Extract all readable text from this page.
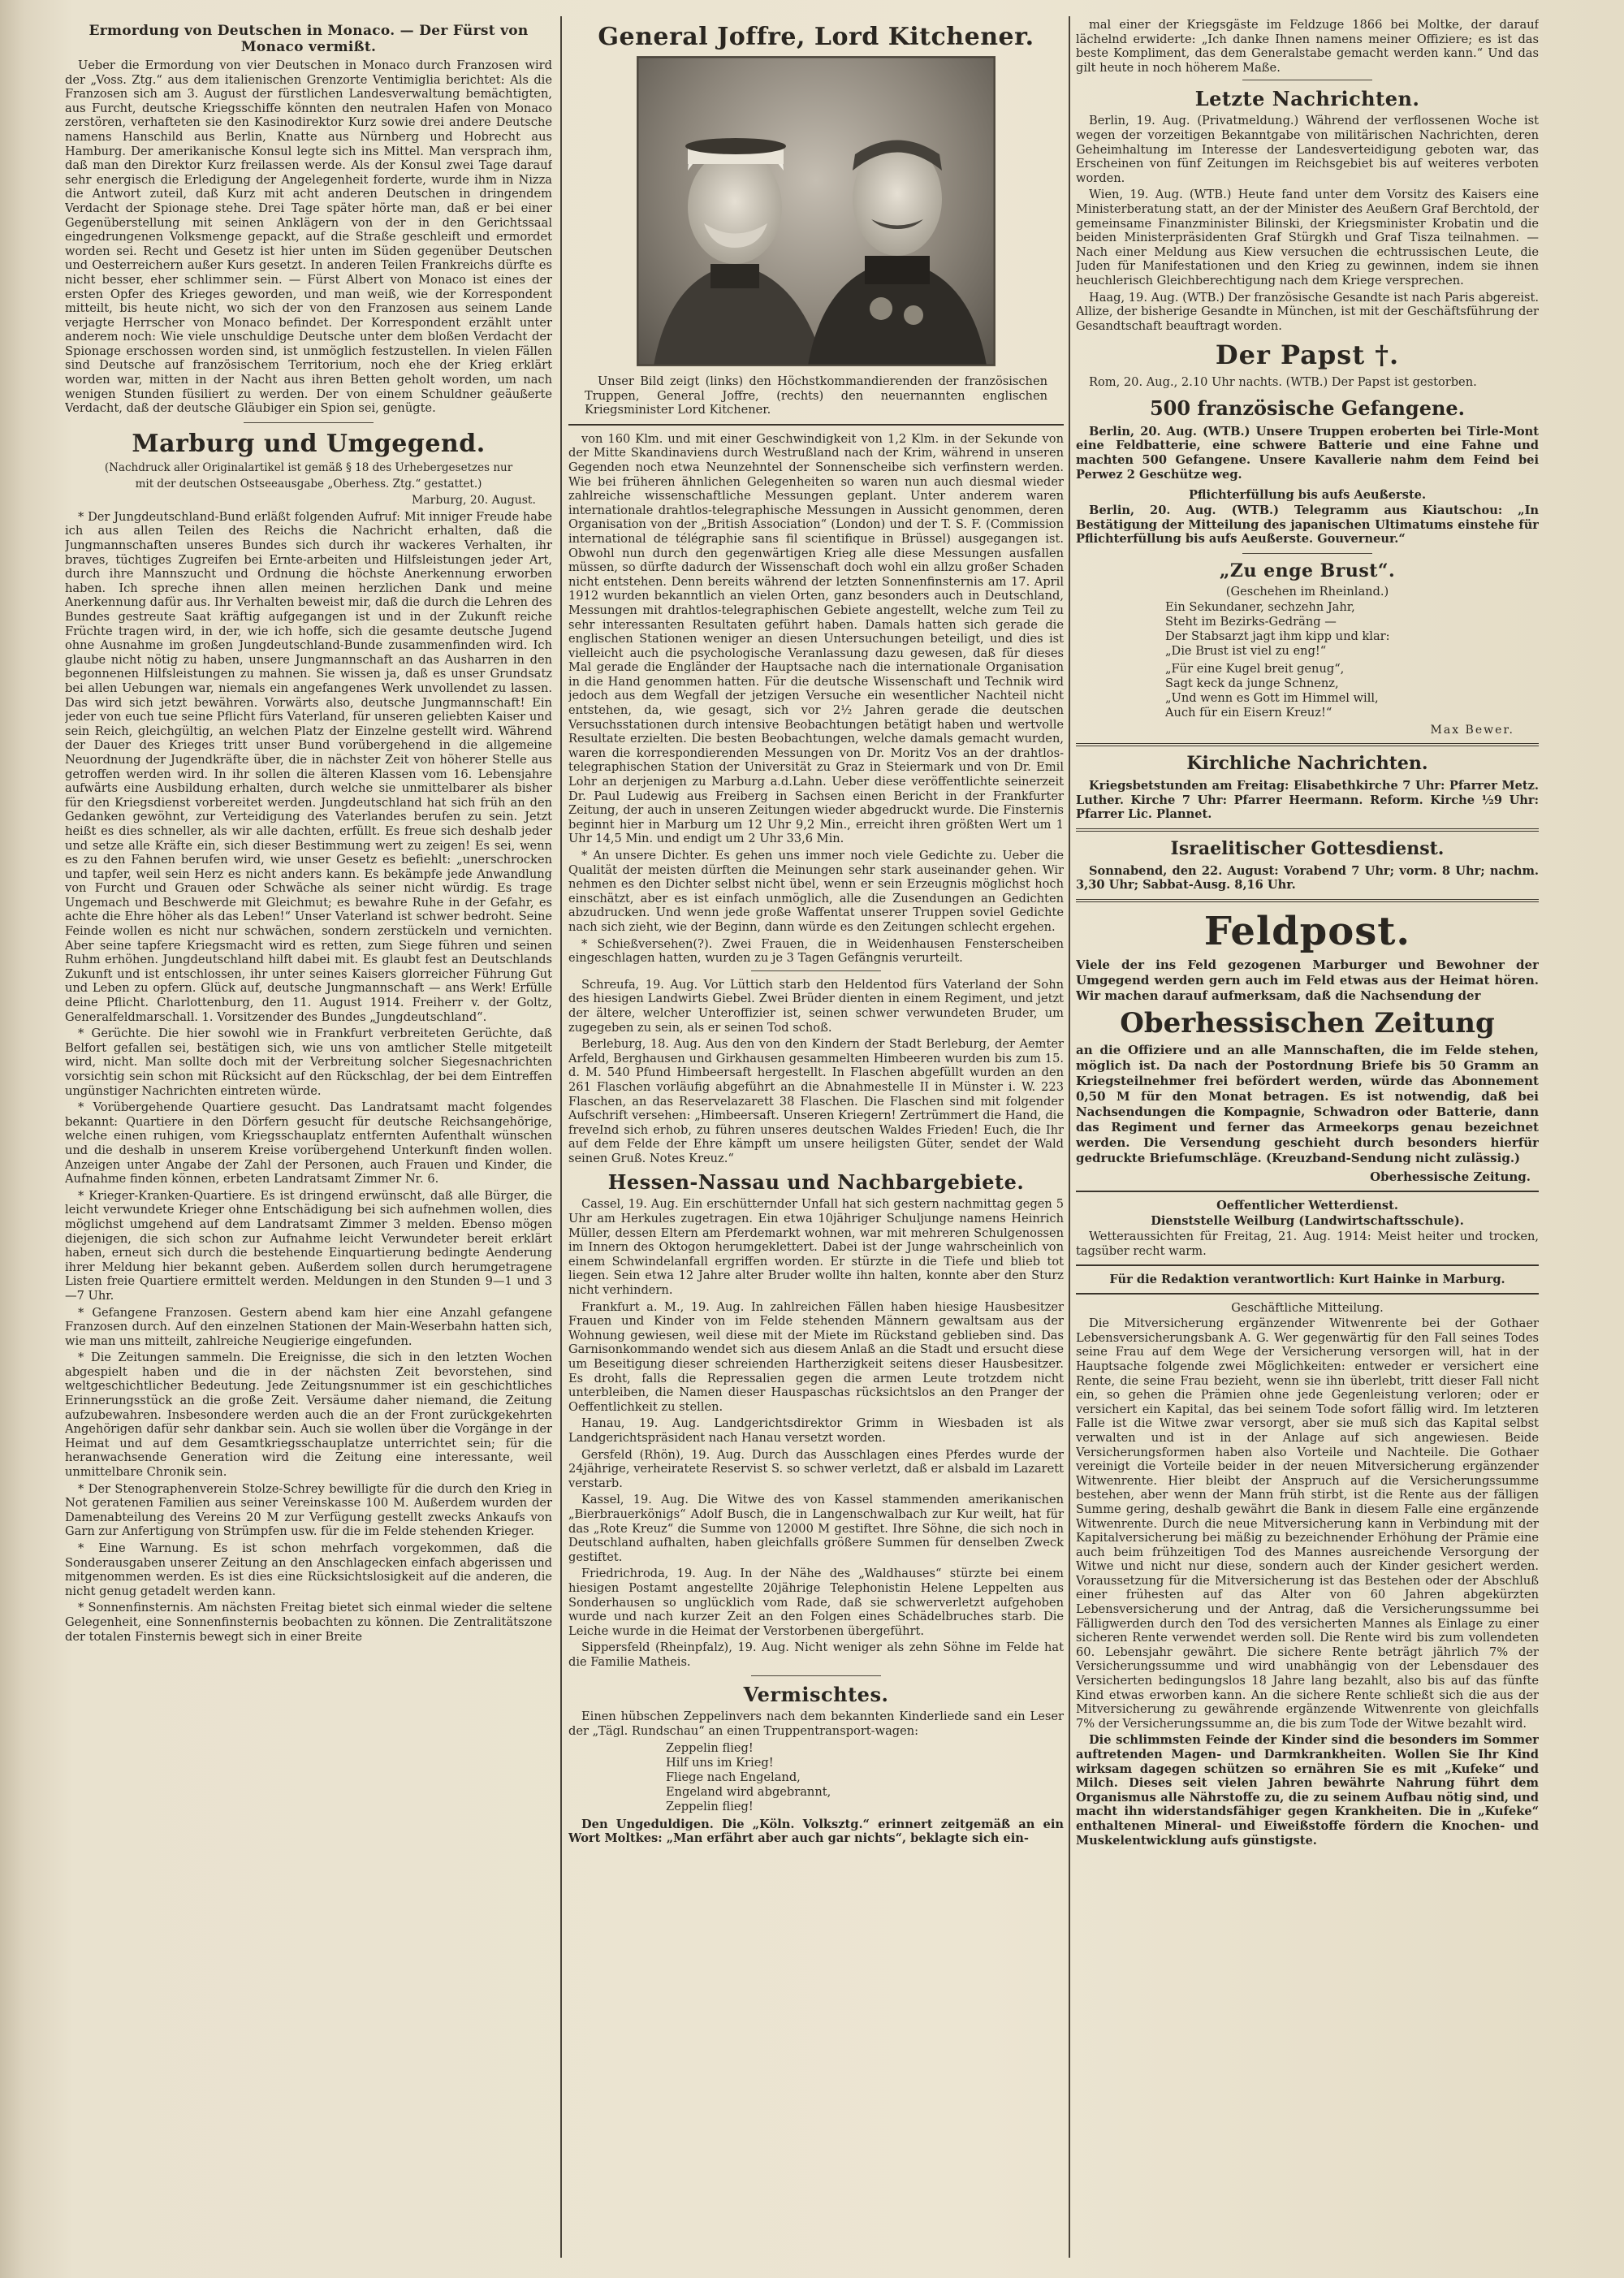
Ermordung von Deutschen in Monaco. — Der Fürst von Monaco vermißt.

Ueber die Ermordung von vier Deutschen in Monaco durch Franzosen wird der „Voss. Ztg.“ aus dem italienischen Grenzorte Ventimiglia berichtet: Als die Franzosen sich am 3. August der fürstlichen Landesverwaltung bemächtigten, aus Furcht, deutsche Kriegsschiffe könnten den neutralen Hafen von Monaco zerstören, verhafteten sie den Kasinodirektor Kurz sowie drei andere Deutsche namens Hanschild aus Berlin, Knatte aus Nürnberg und Hobrecht aus Hamburg. Der amerikanische Konsul legte sich ins Mittel. Man versprach ihm, daß man den Direktor Kurz freilassen werde. Als der Konsul zwei Tage darauf sehr energisch die Erledigung der Angelegenheit forderte, wurde ihm in Nizza die Antwort zuteil, daß Kurz mit acht anderen Deutschen in dringendem Verdacht der Spionage stehe. Drei Tage später hörte man, daß er bei einer Gegenüberstellung mit seinen Anklägern von der in den Gerichtssaal eingedrungenen Volksmenge gepackt, auf die Straße geschleift und ermordet worden sei. Recht und Gesetz ist hier unten im Süden gegenüber Deutschen und Oesterreichern außer Kurs gesetzt. In anderen Teilen Frankreichs dürfte es nicht besser, eher schlimmer sein. — Fürst Albert von Monaco ist eines der ersten Opfer des Krieges geworden, und man weiß, wie der Korrespondent mitteilt, bis heute nicht, wo sich der von den Franzosen aus seinem Lande verjagte Herrscher von Monaco befindet. Der Korrespondent erzählt unter anderem noch: Wie viele unschuldige Deutsche unter dem bloßen Verdacht der Spionage erschossen worden sind, ist unmöglich festzustellen. In vielen Fällen sind Deutsche auf französischem Territorium, noch ehe der Krieg erklärt worden war, mitten in der Nacht aus ihren Betten geholt worden, um nach wenigen Stunden füsiliert zu werden. Der von einem Schuldner geäußerte Verdacht, daß der deutsche Gläubiger ein Spion sei, genügte.

Marburg und Umgegend.
(Nachdruck aller Originalartikel ist gemäß § 18 des Urhebergesetzes nur
mit der deutschen Ostseeausgabe „Oberhess. Ztg.“ gestattet.)
Marburg, 20. August.

* Der Jungdeutschland-Bund erläßt folgenden Aufruf: Mit inniger Freude habe ich aus allen Teilen des Reichs die Nachricht erhalten, daß die Jungmannschaften unseres Bundes sich durch ihr wackeres Verhalten, ihr braves, tüchtiges Zugreifen bei Ernte-arbeiten und Hilfsleistungen jeder Art, durch ihre Mannszucht und Ordnung die höchste Anerkennung erworben haben. Ich spreche ihnen allen meinen herzlichen Dank und meine Anerkennung dafür aus. Ihr Verhalten beweist mir, daß die durch die Lehren des Bundes gestreute Saat kräftig aufgegangen ist und in der Zukunft reiche Früchte tragen wird, in der, wie ich hoffe, sich die gesamte deutsche Jugend ohne Ausnahme im großen Jungdeutschland-Bunde zusammenfinden wird. Ich glaube nicht nötig zu haben, unsere Jungmannschaft an das Ausharren in den begonnenen Hilfsleistungen zu mahnen. Sie wissen ja, daß es unser Grundsatz bei allen Uebungen war, niemals ein angefangenes Werk unvollendet zu lassen. Das wird sich jetzt bewähren. Vorwärts also, deutsche Jungmannschaft! Ein jeder von euch tue seine Pflicht fürs Vaterland, für unseren geliebten Kaiser und sein Reich, gleichgültig, an welchen Platz der Einzelne gestellt wird. Während der Dauer des Krieges tritt unser Bund vorübergehend in die allgemeine Neuordnung der Jugendkräfte über, die in nächster Zeit von höherer Stelle aus getroffen werden wird. In ihr sollen die älteren Klassen vom 16. Lebensjahre aufwärts eine Ausbildung erhalten, durch welche sie unmittelbarer als bisher für den Kriegsdienst vorbereitet werden. Jungdeutschland hat sich früh an den Gedanken gewöhnt, zur Verteidigung des Vaterlandes berufen zu sein. Jetzt heißt es dies schneller, als wir alle dachten, erfüllt. Es freue sich deshalb jeder und setze alle Kräfte ein, sich dieser Bestimmung wert zu zeigen! Es sei, wenn es zu den Fahnen berufen wird, wie unser Gesetz es befiehlt: „unerschrocken und tapfer, weil sein Herz es nicht anders kann. Es bekämpfe jede Anwandlung von Furcht und Grauen oder Schwäche als seiner nicht würdig. Es trage Ungemach und Beschwerde mit Gleichmut; es bewahre Ruhe in der Gefahr, es achte die Ehre höher als das Leben!“ Unser Vaterland ist schwer bedroht. Seine Feinde wollen es nicht nur schwächen, sondern zerstückeln und vernichten. Aber seine tapfere Kriegsmacht wird es retten, zum Siege führen und seinen Ruhm erhöhen. Jungdeutschland hilft dabei mit. Es glaubt fest an Deutschlands Zukunft und ist entschlossen, ihr unter seines Kaisers glorreicher Führung Gut und Leben zu opfern. Glück auf, deutsche Jungmannschaft — ans Werk! Erfülle deine Pflicht. Charlottenburg, den 11. August 1914. Freiherr v. der Goltz, Generalfeldmarschall. 1. Vorsitzender des Bundes „Jungdeutschland“.

* Gerüchte. Die hier sowohl wie in Frankfurt verbreiteten Gerüchte, daß Belfort gefallen sei, bestätigen sich, wie uns von amtlicher Stelle mitgeteilt wird, nicht. Man sollte doch mit der Verbreitung solcher Siegesnachrichten vorsichtig sein schon mit Rücksicht auf den Rückschlag, der bei dem Eintreffen ungünstiger Nachrichten eintreten würde.

* Vorübergehende Quartiere gesucht. Das Landratsamt macht folgendes bekannt: Quartiere in den Dörfern gesucht für deutsche Reichsangehörige, welche einen ruhigen, vom Kriegsschauplatz entfernten Aufenthalt wünschen und die deshalb in unserem Kreise vorübergehend Unterkunft finden wollen. Anzeigen unter Angabe der Zahl der Personen, auch Frauen und Kinder, die Aufnahme finden können, erbeten Landratsamt Zimmer Nr. 6.

* Krieger-Kranken-Quartiere. Es ist dringend erwünscht, daß alle Bürger, die leicht verwundete Krieger ohne Entschädigung bei sich aufnehmen wollen, dies möglichst umgehend auf dem Landratsamt Zimmer 3 melden. Ebenso mögen diejenigen, die sich schon zur Aufnahme leicht Verwundeter bereit erklärt haben, erneut sich durch die bestehende Einquartierung bedingte Aenderung ihrer Meldung hier bekannt geben. Außerdem sollen durch herumgetragene Listen freie Quartiere ermittelt werden. Meldungen in den Stunden 9—1 und 3—7 Uhr.

* Gefangene Franzosen. Gestern abend kam hier eine Anzahl gefangene Franzosen durch. Auf den einzelnen Stationen der Main-Weserbahn hatten sich, wie man uns mitteilt, zahlreiche Neugierige eingefunden.

* Die Zeitungen sammeln. Die Ereignisse, die sich in den letzten Wochen abgespielt haben und die in der nächsten Zeit bevorstehen, sind weltgeschichtlicher Bedeutung. Jede Zeitungsnummer ist ein geschichtliches Erinnerungsstück an die große Zeit. Versäume daher niemand, die Zeitung aufzubewahren. Insbesondere werden auch die an der Front zurückgekehrten Angehörigen dafür sehr dankbar sein. Auch sie wollen über die Vorgänge in der Heimat und auf dem Gesamtkriegsschauplatze unterrichtet sein; für die heranwachsende Generation wird die Zeitung eine interessante, weil unmittelbare Chronik sein.

* Der Stenographenverein Stolze-Schrey bewilligte für die durch den Krieg in Not geratenen Familien aus seiner Vereinskasse 100 M. Außerdem wurden der Damenabteilung des Vereins 20 M zur Verfügung gestellt zwecks Ankaufs von Garn zur Anfertigung von Strümpfen usw. für die im Felde stehenden Krieger.

* Eine Warnung. Es ist schon mehrfach vorgekommen, daß die Sonderausgaben unserer Zeitung an den Anschlagecken einfach abgerissen und mitgenommen werden. Es ist dies eine Rücksichtslosigkeit auf die anderen, die nicht genug getadelt werden kann.

* Sonnenfinsternis. Am nächsten Freitag bietet sich einmal wieder die seltene Gelegenheit, eine Sonnenfinsternis beobachten zu können. Die Zentralitätszone der totalen Finsternis bewegt sich in einer Breite

General Joffre, Lord Kitchener.

Unser Bild zeigt (links) den Höchstkommandierenden der französischen Truppen, General Joffre, (rechts) den neuernannten englischen Kriegsminister Lord Kitchener.

von 160 Klm. und mit einer Geschwindigkeit von 1,2 Klm. in der Sekunde von der Mitte Skandinaviens durch Westrußland nach der Krim, während in unseren Gegenden noch etwa Neunzehntel der Sonnenscheibe sich verfinstern werden. Wie bei früheren ähnlichen Gelegenheiten so waren nun auch diesmal wieder zahlreiche wissenschaftliche Messungen geplant. Unter anderem waren internationale drahtlos-telegraphische Messungen in Aussicht genommen, deren Organisation von der „British Association“ (London) und der T. S. F. (Commission international de télégraphie sans fil scientifique in Brüssel) ausgegangen ist. Obwohl nun durch den gegenwärtigen Krieg alle diese Messungen ausfallen müssen, so dürfte dadurch der Wissenschaft doch wohl ein allzu großer Schaden nicht entstehen. Denn bereits während der letzten Sonnenfinsternis am 17. April 1912 wurden bekanntlich an vielen Orten, ganz besonders auch in Deutschland, Messungen mit drahtlos-telegraphischen Gebiete angestellt, welche zum Teil zu sehr interessanten Resultaten geführt haben. Damals hatten sich gerade die englischen Stationen weniger an diesen Untersuchungen beteiligt, und dies ist vielleicht auch die psychologische Veranlassung dazu gewesen, daß für dieses Mal gerade die Engländer der Hauptsache nach die internationale Organisation in die Hand genommen hatten. Für die deutsche Wissenschaft und Technik wird jedoch aus dem Wegfall der jetzigen Versuche ein wesentlicher Nachteil nicht entstehen, da, wie gesagt, sich vor 2½ Jahren gerade die deutschen Versuchsstationen durch intensive Beobachtungen betätigt haben und wertvolle Resultate erzielten. Die besten Beobachtungen, welche damals gemacht wurden, waren die korrespondierenden Messungen von Dr. Moritz Vos an der drahtlos-telegraphischen Station der Universität zu Graz in Steiermark und von Dr. Emil Lohr an derjenigen zu Marburg a.d.Lahn. Ueber diese veröffentlichte seinerzeit Dr. Paul Ludewig aus Freiberg in Sachsen einen Bericht in der Frankfurter Zeitung, der auch in unseren Zeitungen wieder abgedruckt wurde. Die Finsternis beginnt hier in Marburg um 12 Uhr 9,2 Min., erreicht ihren größten Wert um 1 Uhr 14,5 Min. und endigt um 2 Uhr 33,6 Min.

* An unsere Dichter. Es gehen uns immer noch viele Gedichte zu. Ueber die Qualität der meisten dürften die Meinungen sehr stark auseinander gehen. Wir nehmen es den Dichter selbst nicht übel, wenn er sein Erzeugnis möglichst hoch einschätzt, aber es ist einfach unmöglich, alle die Zusendungen an Gedichten abzudrucken. Und wenn jede große Waffentat unserer Truppen soviel Gedichte nach sich zieht, wie der Beginn, dann würde es den Zeitungen schlecht ergehen.

* Schießversehen(?). Zwei Frauen, die in Weidenhausen Fensterscheiben eingeschlagen hatten, wurden zu je 3 Tagen Gefängnis verurteilt.

Schreufa, 19. Aug. Vor Lüttich starb den Heldentod fürs Vaterland der Sohn des hiesigen Landwirts Giebel. Zwei Brüder dienten in einem Regiment, und jetzt der ältere, welcher Unteroffizier ist, seinen schwer verwundeten Bruder, um zugegeben zu sein, als er seinen Tod schoß.

Berleburg, 18. Aug. Aus den von den Kindern der Stadt Berleburg, der Aemter Arfeld, Berghausen und Girkhausen gesammelten Himbeeren wurden bis zum 15. d. M. 540 Pfund Himbeersaft hergestellt. In Flaschen abgefüllt wurden an den 261 Flaschen vorläufig abgeführt an die Abnahmestelle II in Münster i. W. 223 Flaschen, an das Reservelazarett 38 Flaschen. Die Flaschen sind mit folgender Aufschrift versehen: „Himbeersaft. Unseren Kriegern! Zertrümmert die Hand, die freveInd sich erhob, zu führen unseres deutschen Waldes Frieden! Euch, die Ihr auf dem Felde der Ehre kämpft um unsere heiligsten Güter, sendet der Wald seinen Gruß. Notes Kreuz.“

Hessen-Nassau und Nachbargebiete.

Cassel, 19. Aug. Ein erschütternder Unfall hat sich gestern nachmittag gegen 5 Uhr am Herkules zugetragen. Ein etwa 10jähriger Schuljunge namens Heinrich Müller, dessen Eltern am Pferdemarkt wohnen, war mit mehreren Schulgenossen im Innern des Oktogon herumgeklettert. Dabei ist der Junge wahrscheinlich von einem Schwindelanfall ergriffen worden. Er stürzte in die Tiefe und blieb tot liegen. Sein etwa 12 Jahre alter Bruder wollte ihn halten, konnte aber den Sturz nicht verhindern.

Frankfurt a. M., 19. Aug. In zahlreichen Fällen haben hiesige Hausbesitzer Frauen und Kinder von im Felde stehenden Männern gewaltsam aus der Wohnung gewiesen, weil diese mit der Miete im Rückstand geblieben sind. Das Garnisonkommando wendet sich aus diesem Anlaß an die Stadt und ersucht diese um Beseitigung dieser schreienden Hartherzigkeit seitens dieser Hausbesitzer. Es droht, falls die Repressalien gegen die armen Leute trotzdem nicht unterbleiben, die Namen dieser Hauspaschas rücksichtslos an den Pranger der Oeffentlichkeit zu stellen.

Hanau, 19. Aug. Landgerichtsdirektor Grimm in Wiesbaden ist als Landgerichtspräsident nach Hanau versetzt worden.

Gersfeld (Rhön), 19. Aug. Durch das Ausschlagen eines Pferdes wurde der 24jährige, verheiratete Reservist S. so schwer verletzt, daß er alsbald im Lazarett verstarb.

Kassel, 19. Aug. Die Witwe des von Kassel stammenden amerikanischen „Bierbrauerkönigs“ Adolf Busch, die in Langenschwalbach zur Kur weilt, hat für das „Rote Kreuz“ die Summe von 12000 M gestiftet. Ihre Söhne, die sich noch in Deutschland aufhalten, haben gleichfalls größere Summen für denselben Zweck gestiftet.

Friedrichroda, 19. Aug. In der Nähe des „Waldhauses“ stürzte bei einem hiesigen Postamt angestellte 20jährige Telephonistin Helene Leppelten aus Sonderhausen so unglücklich vom Rade, daß sie schwerverletzt aufgehoben wurde und nach kurzer Zeit an den Folgen eines Schädelbruches starb. Die Leiche wurde in die Heimat der Verstorbenen übergeführt.

Sippersfeld (Rheinpfalz), 19. Aug. Nicht weniger als zehn Söhne im Felde hat die Familie Matheis.

Vermischtes.

Einen hübschen Zeppelinvers nach dem bekannten Kinderliede sand ein Leser der „Tägl. Rundschau“ an einen Truppentransport-wagen:

Zeppelin flieg!
Hilf uns im Krieg!
Fliege nach Engeland,
Engeland wird abgebrannt,
Zeppelin flieg!

Den Ungeduldigen. Die „Köln. Volksztg.“ erinnert zeitgemäß an ein Wort Moltkes: „Man erfährt aber auch gar nichts“, beklagte sich ein-

mal einer der Kriegsgäste im Feldzuge 1866 bei Moltke, der darauf lächelnd erwiderte: „Ich danke Ihnen namens meiner Offiziere; es ist das beste Kompliment, das dem Generalstabe gemacht werden kann.“ Und das gilt heute in noch höherem Maße.

Letzte Nachrichten.

Berlin, 19. Aug. (Privatmeldung.) Während der verflossenen Woche ist wegen der vorzeitigen Bekanntgabe von militärischen Nachrichten, deren Geheimhaltung im Interesse der Landesverteidigung geboten war, das Erscheinen von fünf Zeitungen im Reichsgebiet bis auf weiteres verboten worden.

Wien, 19. Aug. (WTB.) Heute fand unter dem Vorsitz des Kaisers eine Ministerberatung statt, an der der Minister des Aeußern Graf Berchtold, der gemeinsame Finanzminister Bilinski, der Kriegsminister Krobatin und die beiden Ministerpräsidenten Graf Stürgkh und Graf Tisza teilnahmen. — Nach einer Meldung aus Kiew versuchen die echtrussischen Leute, die Juden für Manifestationen und den Krieg zu gewinnen, indem sie ihnen heuchlerisch Gleichberechtigung nach dem Kriege versprechen.

Haag, 19. Aug. (WTB.) Der französische Gesandte ist nach Paris abgereist. Allize, der bisherige Gesandte in München, ist mit der Geschäftsführung der Gesandtschaft beauftragt worden.

Der Papst †.

Rom, 20. Aug., 2.10 Uhr nachts. (WTB.) Der Papst ist gestorben.

500 französische Gefangene.

Berlin, 20. Aug. (WTB.) Unsere Truppen eroberten bei Tirle-Mont eine Feldbatterie, eine schwere Batterie und eine Fahne und machten 500 Gefangene. Unsere Kavallerie nahm dem Feind bei Perwez 2 Geschütze weg.

Pflichterfüllung bis aufs Aeußerste.

Berlin, 20. Aug. (WTB.) Telegramm aus Kiautschou: „In Bestätigung der Mitteilung des japanischen Ultimatums einstehe für Pflichterfüllung bis aufs Aeußerste. Gouverneur.“

„Zu enge Brust“.
(Geschehen im Rheinland.)
Ein Sekundaner, sechzehn Jahr,
Steht im Bezirks-Gedräng —
Der Stabsarzt jagt ihm kipp und klar:
„Die Brust ist viel zu eng!“
„Für eine Kugel breit genug“,
Sagt keck da junge Schnenz,
„Und wenn es Gott im Himmel will,
Auch für ein Eisern Kreuz!“
Max Bewer.
Kirchliche Nachrichten.

Kriegsbetstunden am Freitag: Elisabethkirche 7 Uhr: Pfarrer Metz. Luther. Kirche 7 Uhr: Pfarrer Heermann. Reform. Kirche ½9 Uhr: Pfarrer Lic. Plannet.

Israelitischer Gottesdienst.

Sonnabend, den 22. August: Vorabend 7 Uhr; vorm. 8 Uhr; nachm. 3,30 Uhr; Sabbat-Ausg. 8,16 Uhr.

Feldpost.
Viele der ins Feld gezogenen Marburger und Bewohner der Umgegend werden gern auch im Feld etwas aus der Heimat hören. Wir machen darauf aufmerksam, daß die Nachsendung der
Oberhessischen Zeitung
an die Offiziere und an alle Mannschaften, die im Felde stehen, möglich ist. Da nach der Postordnung Briefe bis 50 Gramm an Kriegsteilnehmer frei befördert werden, würde das Abonnement 0,50 M für den Monat betragen. Es ist notwendig, daß bei Nachsendungen die Kompagnie, Schwadron oder Batterie, dann das Regiment und ferner das Armeekorps genau bezeichnet werden. Die Versendung geschieht durch besonders hierfür gedruckte Briefumschläge. (Kreuzband-Sendung nicht zulässig.)
Oberhessische Zeitung.
Oeffentlicher Wetterdienst.
Dienststelle Weilburg (Landwirtschaftsschule).

Wetteraussichten für Freitag, 21. Aug. 1914: Meist heiter und trocken, tagsüber recht warm.

Für die Redaktion verantwortlich: Kurt Hainke in Marburg.
Geschäftliche Mitteilung.

Die Mitversicherung ergänzender Witwenrente bei der Gothaer Lebensversicherungsbank A. G. Wer gegenwärtig für den Fall seines Todes seine Frau auf dem Wege der Versicherung versorgen will, hat in der Hauptsache folgende zwei Möglichkeiten: entweder er versichert eine Rente, die seine Frau bezieht, wenn sie ihn überlebt, tritt dieser Fall nicht ein, so gehen die Prämien ohne jede Gegenleistung verloren; oder er versichert ein Kapital, das bei seinem Tode sofort fällig wird. Im letzteren Falle ist die Witwe zwar versorgt, aber sie muß sich das Kapital selbst verwalten und ist in der Anlage auf sich angewiesen. Beide Versicherungsformen haben also Vorteile und Nachteile. Die Gothaer vereinigt die Vorteile beider in der neuen Mitversicherung ergänzender Witwenrente. Hier bleibt der Anspruch auf die Versicherungssumme bestehen, aber wenn der Mann früh stirbt, ist die Rente aus der fälligen Summe gering, deshalb gewährt die Bank in diesem Falle eine ergänzende Witwenrente. Durch die neue Mitversicherung kann in Verbindung mit der Kapitalversicherung bei mäßig zu bezeichnender Erhöhung der Prämie eine auch beim frühzeitigen Tod des Mannes ausreichende Versorgung der Witwe und nicht nur diese, sondern auch der Kinder gesichert werden. Voraussetzung für die Mitversicherung ist das Bestehen oder der Abschluß einer frühesten auf das Alter von 60 Jahren abgekürzten Lebensversicherung und der Antrag, daß die Versicherungssumme bei Fälligwerden durch den Tod des versicherten Mannes als Einlage zu einer sicheren Rente verwendet werden soll. Die Rente wird bis zum vollendeten 60. Lebensjahr gewährt. Die sichere Rente beträgt jährlich 7% der Versicherungssumme und wird unabhängig von der Lebensdauer des Versicherten bedingungslos 18 Jahre lang bezahlt, also bis auf das fünfte Kind etwas erworben kann. An die sichere Rente schließt sich die aus der Mitversicherung zu gewährende ergänzende Witwenrente von gleichfalls 7% der Versicherungssumme an, die bis zum Tode der Witwe bezahlt wird.

Die schlimmsten Feinde der Kinder sind die besonders im Sommer auftretenden Magen- und Darmkrankheiten. Wollen Sie Ihr Kind wirksam dagegen schützen so ernähren Sie es mit „Kufeke“ und Milch. Dieses seit vielen Jahren bewährte Nahrung führt dem Organismus alle Nährstoffe zu, die zu seinem Aufbau nötig sind, und macht ihn widerstandsfähiger gegen Krankheiten. Die in „Kufeke“ enthaltenen Mineral- und Eiweißstoffe fördern die Knochen- und Muskelentwicklung aufs günstigste.
